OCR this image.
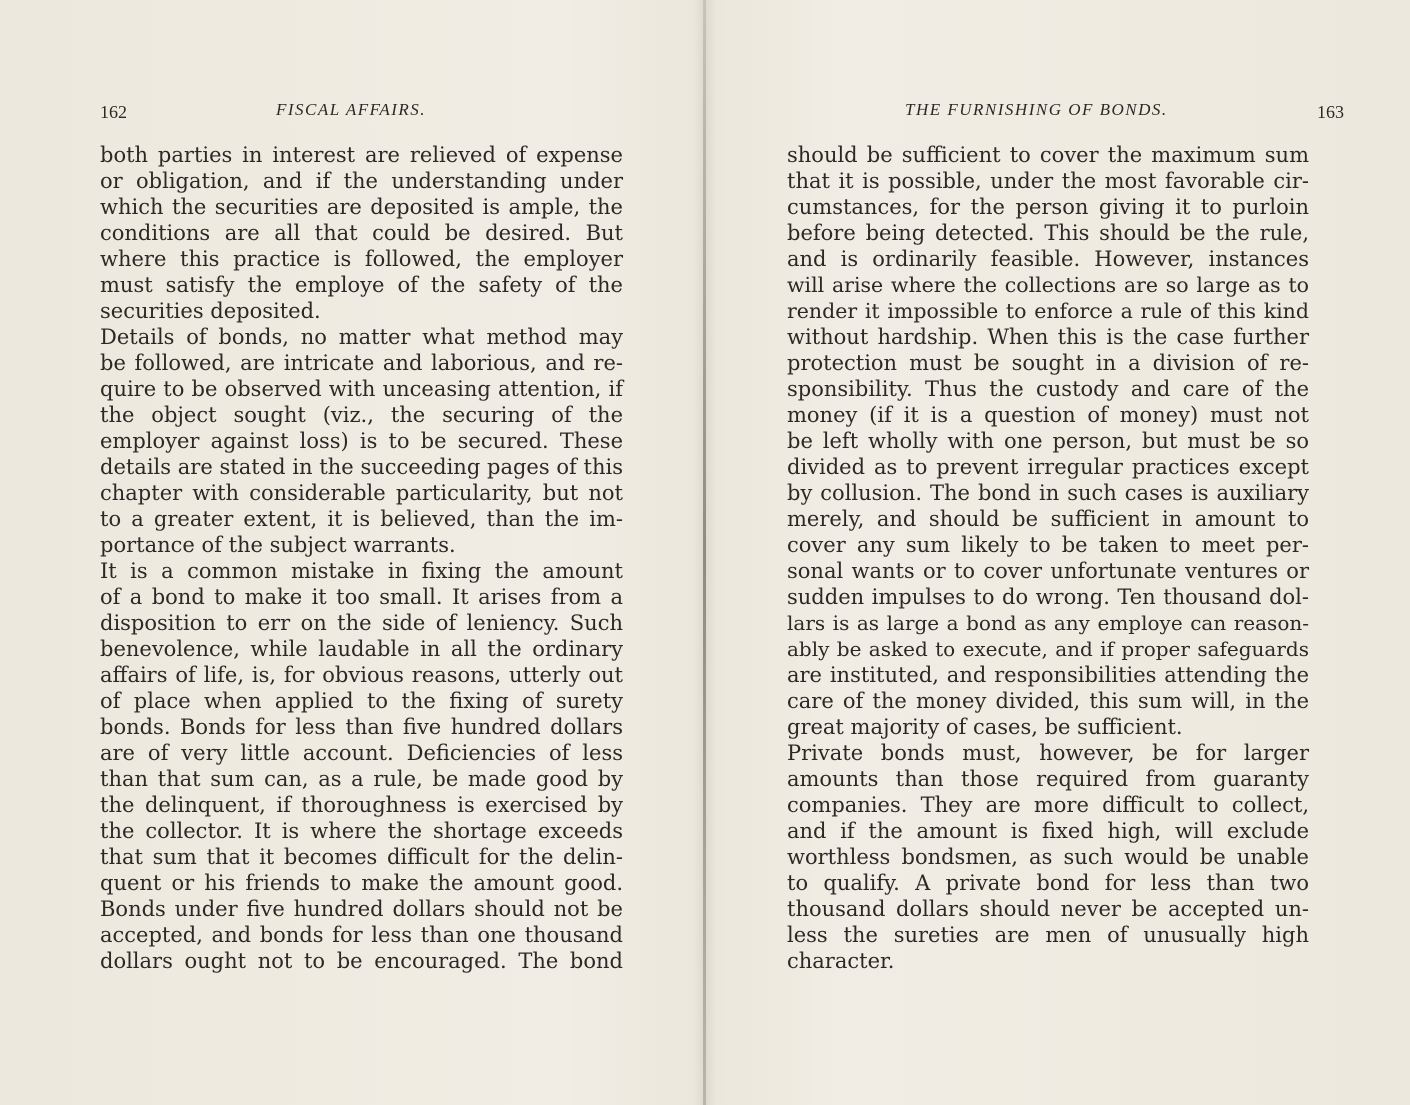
162	FISCAL AFFAIRS.
both parties in interest are relieved of expense
or obligation, and if the understanding under
which the securities are deposited is ample, the
conditions are all that could be desired. But
where this practice is followed, the employer
must satisfy the employe of the safety of the
securities deposited.
Details of bonds, no matter what method may
be followed, are intricate and laborious, and re-
quire to be observed with unceasing attention, if
the object sought (viz., the securing of the
employer against loss) is to be secured. These
details are stated in the succeeding pages of this
chapter with considerable particularity, but not
to a greater extent, it is believed, than the im-
portance of the subject warrants.
It is a common mistake in fixing the amount
of a bond to make it too small. It arises from a
disposition to err on the side of leniency. Such
benevolence, while laudable in all the ordinary
affairs of life, is, for obvious reasons, utterly out
of place when applied to the fixing of surety
bonds. Bonds for less than five hundred dollars
are of very little account. Deficiencies of less
than that sum can, as a rule, be made good by
the delinquent, if thoroughness is exercised by
the collector. It is where the shortage exceeds
that sum that it becomes difficult for the delin-
quent or his friends to make the amount good.
Bonds under five hundred dollars should not be
accepted, and bonds for less than one thousand
dollars ought not to be encouraged. The bond
THE FURNISHING OF BONDS.	163
should be sufficient to cover the maximum sum
that it is possible, under the most favorable cir-
cumstances, for the person giving it to purloin
before being detected. This should be the rule,
and is ordinarily feasible. However, instances
will arise where the collections are so large as to
render it impossible to enforce a rule of this kind
without hardship. When this is the case further
protection must be sought in a division of re-
sponsibility. Thus the custody and care of the
money (if it is a question of money) must not
be left wholly with one person, but must be so
divided as to prevent irregular practices except
by collusion. The bond in such cases is auxiliary
merely, and should be sufficient in amount to
cover any sum likely to be taken to meet per-
sonal wants or to cover unfortunate ventures or
sudden impulses to do wrong. Ten thousand dol-
lars is as large a bond as any employe can reason-
ably be asked to execute, and if proper safeguards
are instituted, and responsibilities attending the
care of the money divided, this sum will, in the
great majority of cases, be sufficient.
Private bonds must, however, be for larger
amounts than those required from guaranty
companies. They are more difficult to collect,
and if the amount is fixed high, will exclude
worthless bondsmen, as such would be unable
to qualify. A private bond for less than two
thousand dollars should never be accepted un-
less the sureties are men of unusually high
character.
